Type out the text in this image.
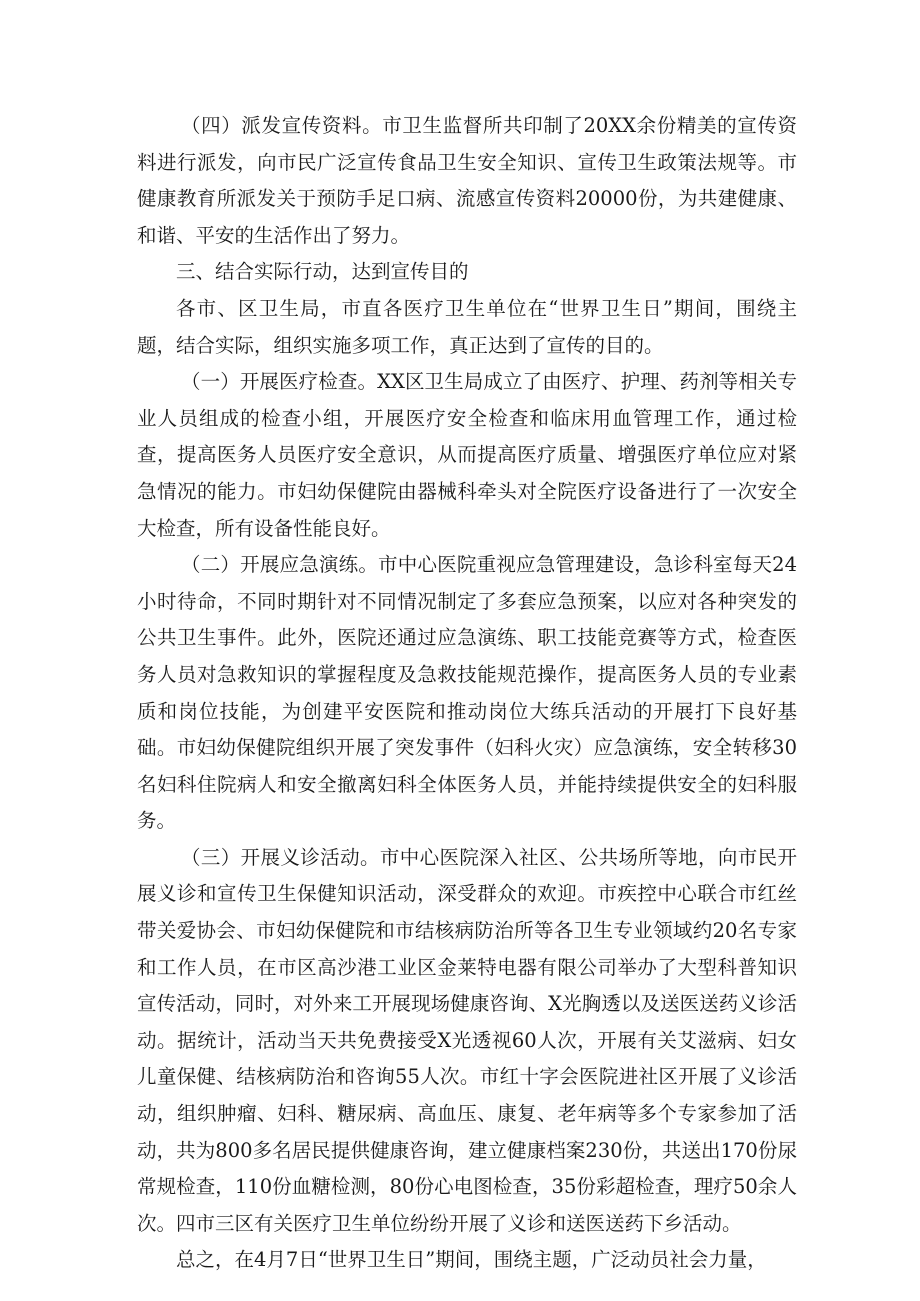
（四）派发宣传资料。市卫生监督所共印制了20XX余份精美的宣传资料进行派发，向市民广泛宣传食品卫生安全知识、宣传卫生政策法规等。市健康教育所派发关于预防手足口病、流感宣传资料20000份，为共建健康、和谐、平安的生活作出了努力。

三、结合实际行动，达到宣传目的

各市、区卫生局，市直各医疗卫生单位在“世界卫生日”期间，围绕主题，结合实际，组织实施多项工作，真正达到了宣传的目的。

（一）开展医疗检查。XX区卫生局成立了由医疗、护理、药剂等相关专业人员组成的检查小组，开展医疗安全检查和临床用血管理工作，通过检查，提高医务人员医疗安全意识，从而提高医疗质量、增强医疗单位应对紧急情况的能力。市妇幼保健院由器械科牵头对全院医疗设备进行了一次安全大检查，所有设备性能良好。

（二）开展应急演练。市中心医院重视应急管理建设，急诊科室每天24小时待命，不同时期针对不同情况制定了多套应急预案，以应对各种突发的公共卫生事件。此外，医院还通过应急演练、职工技能竞赛等方式，检查医务人员对急救知识的掌握程度及急救技能规范操作，提高医务人员的专业素质和岗位技能，为创建平安医院和推动岗位大练兵活动的开展打下良好基础。市妇幼保健院组织开展了突发事件（妇科火灾）应急演练，安全转移30名妇科住院病人和安全撤离妇科全体医务人员，并能持续提供安全的妇科服务。

（三）开展义诊活动。市中心医院深入社区、公共场所等地，向市民开展义诊和宣传卫生保健知识活动，深受群众的欢迎。市疾控中心联合市红丝带关爱协会、市妇幼保健院和市结核病防治所等各卫生专业领域约20名专家和工作人员，在市区高沙港工业区金莱特电器有限公司举办了大型科普知识宣传活动，同时，对外来工开展现场健康咨询、X光胸透以及送医送药义诊活动。据统计，活动当天共免费接受X光透视60人次，开展有关艾滋病、妇女儿童保健、结核病防治和咨询55人次。市红十字会医院进社区开展了义诊活动，组织肿瘤、妇科、糖尿病、高血压、康复、老年病等多个专家参加了活动，共为800多名居民提供健康咨询，建立健康档案230份，共送出170份尿常规检查，110份血糖检测，80份心电图检查，35份彩超检查，理疗50余人次。四市三区有关医疗卫生单位纷纷开展了义诊和送医送药下乡活动。

总之，在4月7日“世界卫生日”期间，围绕主题，广泛动员社会力量，
